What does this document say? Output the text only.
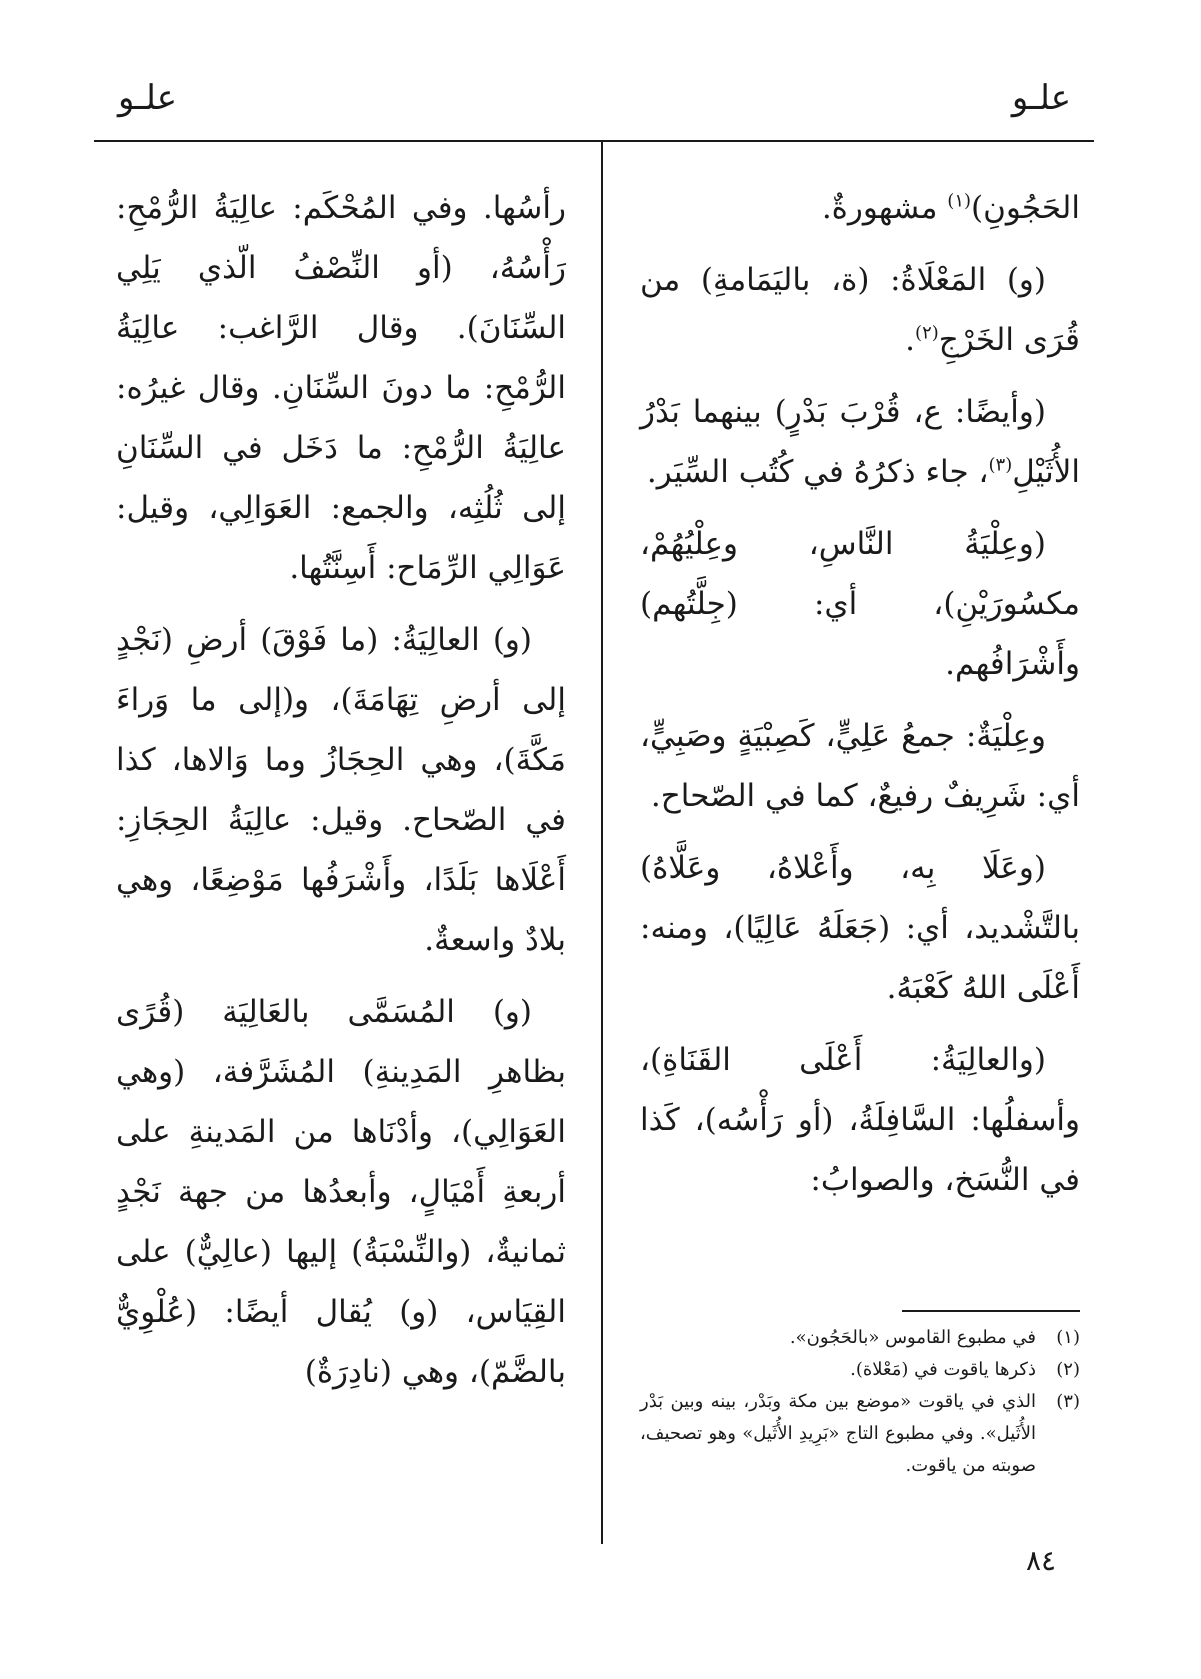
علـو
علـو

الحَجُونِ)$^{(١)}$ مشهورةٌ.

(و) المَعْلَاةُ: (ة، باليَمَامةِ) من قُرَى الخَرْجِ$^{(٢)}$.

(وأيضًا: ع، قُرْبَ بَدْرٍ) بينهما بَدْرُ الأُثَيْلِ$^{(٣)}$، جاء ذكرُهُ في كُتُب السِّيَر.

(وعِلْيَةُ النَّاسِ، وعِلْيُهُمْ، مكسُورَيْنِ)، أي: (جِلَّتُهم) وأَشْرَافُهم.

وعِلْيَةٌ: جمعُ عَلِيٍّ، كَصِبْيَةٍ وصَبِيٍّ، أي: شَرِيفٌ رفيعٌ، كما في الصّحاح.

(وعَلَا بِه، وأَعْلاهُ، وعَلَّاهُ) بالتَّشْديد، أي: (جَعَلَهُ عَالِيًا)، ومنه: أَعْلَى اللهُ كَعْبَهُ.

(والعالِيَةُ: أَعْلَى القَنَاةِ)، وأسفلُها: السَّافِلَةُ، (أو رَأْسُه)، كَذا في النُّسَخ، والصوابُ:

رأسُها. وفي المُحْكَم: عالِيَةُ الرُّمْحِ: رَأْسُهُ، (أو النِّصْفُ الّذي يَلِي السِّنَانَ). وقال الرَّاغب: عالِيَةُ الرُّمْحِ: ما دونَ السِّنَانِ. وقال غيرُه: عالِيَةُ الرُّمْحِ: ما دَخَل في السِّنَانِ إلى ثُلُثِه، والجمع: العَوَالِي، وقيل: عَوَالِي الرِّمَاح: أَسِنَّتُها.

(و) العالِيَةُ: (ما فَوْقَ) أرضِ (نَجْدٍ إلى أرضِ تِهَامَةَ)، و(إلى ما وَراءَ مَكَّةَ)، وهي الحِجَازُ وما وَالاها، كذا في الصّحاح. وقيل: عالِيَةُ الحِجَازِ: أَعْلَاها بَلَدًا، وأَشْرَفُها مَوْضِعًا، وهي بلادٌ واسعةٌ.

(و) المُسَمَّى بالعَالِيَة (قُرًى بظاهرِ المَدِينةِ) المُشَرَّفة، (وهي العَوَالِي)، وأدْنَاها من المَدينةِ على أربعةِ أَمْيَالٍ، وأبعدُها من جهة نَجْدٍ ثمانيةٌ، (والنِّسْبَةُ) إليها (عالِيٌّ) على القِيَاس، (و) يُقال أيضًا: (عُلْوِيٌّ بالضَّمّ)، وهي (نادِرَةٌ)

(١)
في مطبوع القاموس «بالحَجُون».
(٢)
ذكرها ياقوت في (مَعْلاة).
(٣)
الذي في ياقوت «موضع بين مكة وبَدْر، بينه وبين بَدْر الأُثَيل». وفي مطبوع التاج «بَرِيدِ الأُثَيل» وهو تصحيف، صوبته من ياقوت.
٨٤
